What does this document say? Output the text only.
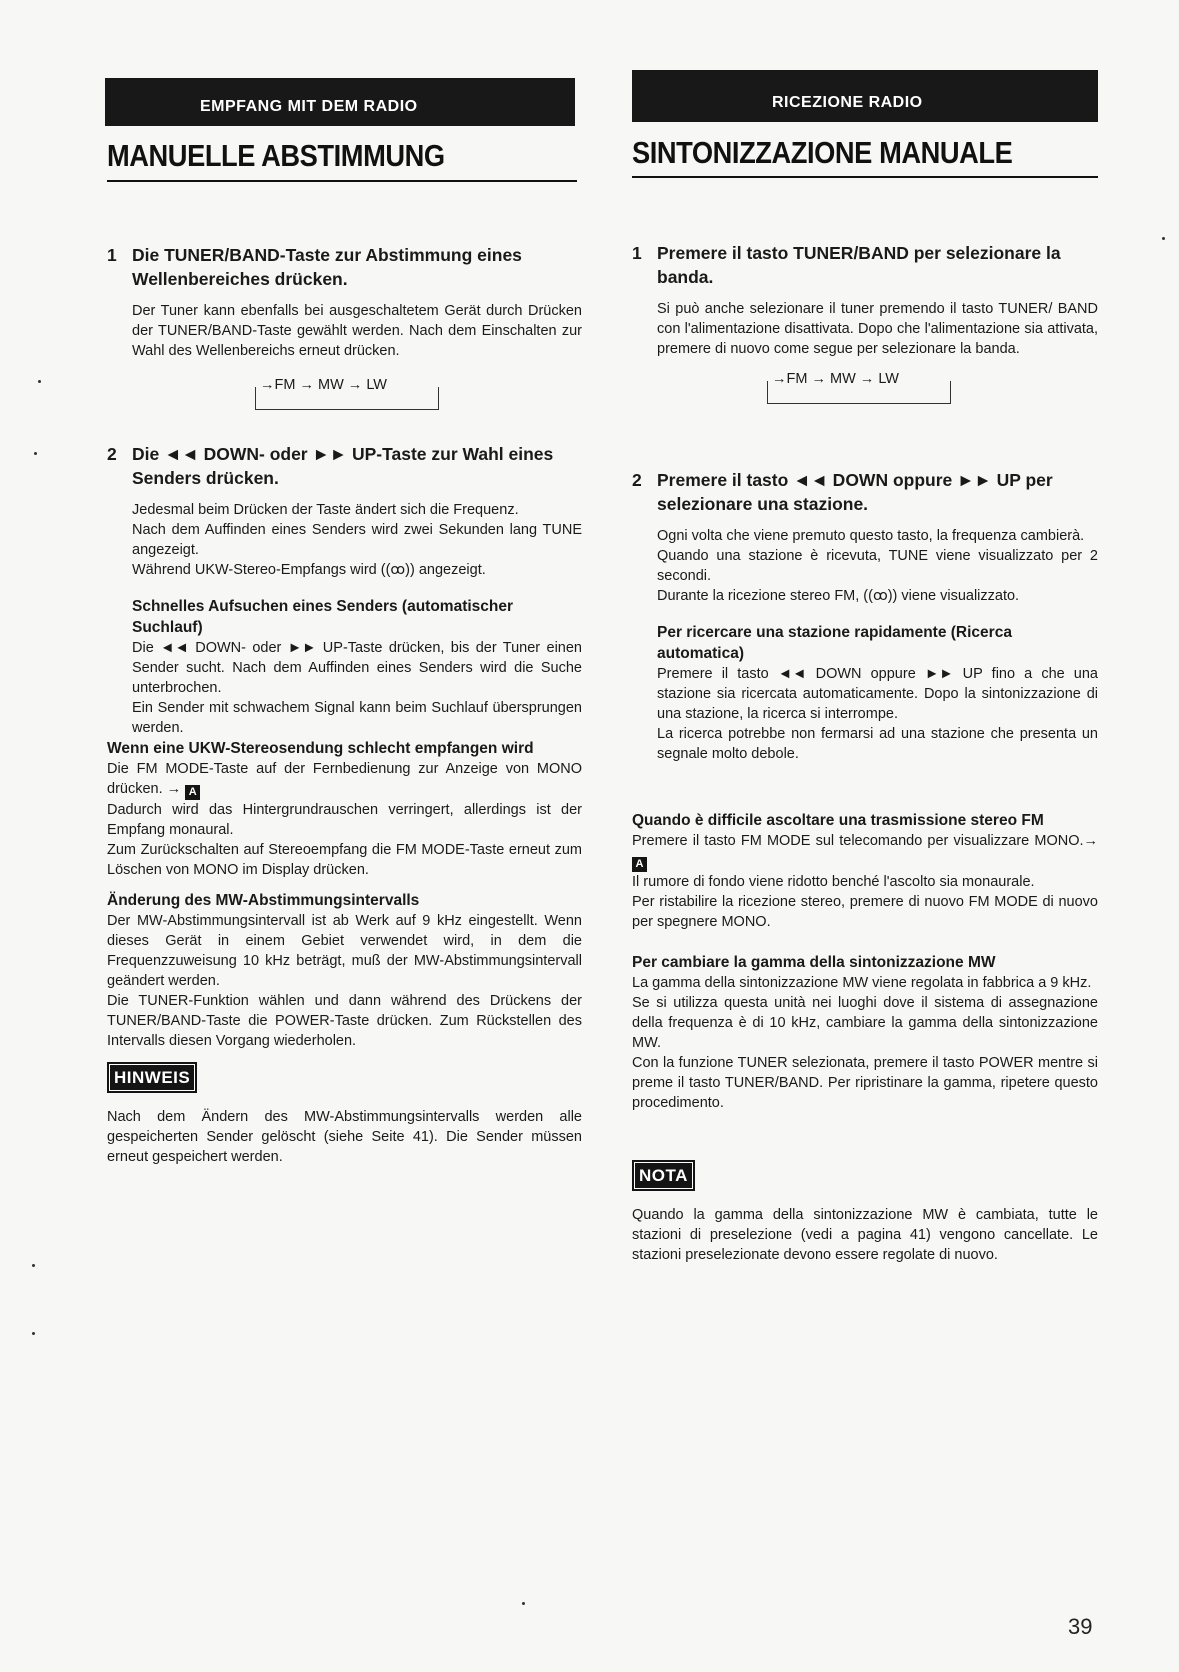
EMPFANG MIT DEM RADIO
MANUELLE ABSTIMMUNG
1 Die TUNER/BAND-Taste zur Abstimmung eines Wellenbereiches drücken.
Der Tuner kann ebenfalls bei ausgeschaltetem Gerät durch Drücken der TUNER/BAND-Taste gewählt werden. Nach dem Einschalten zur Wahl des Wellenbereichs erneut drücken.
→FM → MW → LW
2 Die ◄◄ DOWN- oder ►► UP-Taste zur Wahl eines Senders drücken.

Jedesmal beim Drücken der Taste ändert sich die Frequenz.

Nach dem Auffinden eines Senders wird zwei Sekunden lang TUNE angezeigt.

Während UKW-Stereo-Empfangs wird ((ꝏ)) angezeigt.

Schnelles Aufsuchen eines Senders (automatischer Suchlauf)

Die ◄◄ DOWN- oder ►► UP-Taste drücken, bis der Tuner einen Sender sucht. Nach dem Auffinden eines Senders wird die Suche unterbrochen.

Ein Sender mit schwachem Signal kann beim Suchlauf übersprungen werden.

Wenn eine UKW-Stereosendung schlecht empfangen wird

Die FM MODE-Taste auf der Fernbedienung zur Anzeige von MONO drücken. → A

Dadurch wird das Hintergrundrauschen verringert, allerdings ist der Empfang monaural.

Zum Zurückschalten auf Stereoempfang die FM MODE-Taste erneut zum Löschen von MONO im Display drücken.

Änderung des MW-Abstimmungsintervalls

Der MW-Abstimmungsintervall ist ab Werk auf 9 kHz eingestellt. Wenn dieses Gerät in einem Gebiet verwendet wird, in dem die Frequenzzuweisung 10 kHz beträgt, muß der MW-Abstimmungsintervall geändert werden.

Die TUNER-Funktion wählen und dann während des Drückens der TUNER/BAND-Taste die POWER-Taste drücken. Zum Rückstellen des Intervalls diesen Vorgang wiederholen.

HINWEIS
Nach dem Ändern des MW-Abstimmungsintervalls werden alle gespeicherten Sender gelöscht (siehe Seite 41). Die Sender müssen erneut gespeichert werden.
RICEZIONE RADIO
SINTONIZZAZIONE MANUALE
1 Premere il tasto TUNER/BAND per selezionare la banda.
Si può anche selezionare il tuner premendo il tasto TUNER/ BAND con l'alimentazione disattivata. Dopo che l'alimentazione sia attivata, premere di nuovo come segue per selezionare la banda.
→FM → MW → LW
2 Premere il tasto ◄◄ DOWN oppure ►► UP per selezionare una stazione.

Ogni volta che viene premuto questo tasto, la frequenza cambierà.

Quando una stazione è ricevuta, TUNE viene visualizzato per 2 secondi.

Durante la ricezione stereo FM, ((ꝏ)) viene visualizzato.

Per ricercare una stazione rapidamente (Ricerca automatica)

Premere il tasto ◄◄ DOWN oppure ►► UP fino a che una stazione sia ricercata automaticamente. Dopo la sintonizzazione di una stazione, la ricerca si interrompe.

La ricerca potrebbe non fermarsi ad una stazione che presenta un segnale molto debole.

Quando è difficile ascoltare una trasmissione stereo FM

Premere il tasto FM MODE sul telecomando per visualizzare MONO.→ A

Il rumore di fondo viene ridotto benché l'ascolto sia monaurale.

Per ristabilire la ricezione stereo, premere di nuovo FM MODE di nuovo per spegnere MONO.

Per cambiare la gamma della sintonizzazione MW

La gamma della sintonizzazione MW viene regolata in fabbrica a 9 kHz.

Se si utilizza questa unità nei luoghi dove il sistema di assegnazione della frequenza è di 10 kHz, cambiare la gamma della sintonizzazione MW.

Con la funzione TUNER selezionata, premere il tasto POWER mentre si preme il tasto TUNER/BAND. Per ripristinare la gamma, ripetere questo procedimento.

NOTA
Quando la gamma della sintonizzazione MW è cambiata, tutte le stazioni di preselezione (vedi a pagina 41) vengono cancellate. Le stazioni preselezionate devono essere regolate di nuovo.
39
